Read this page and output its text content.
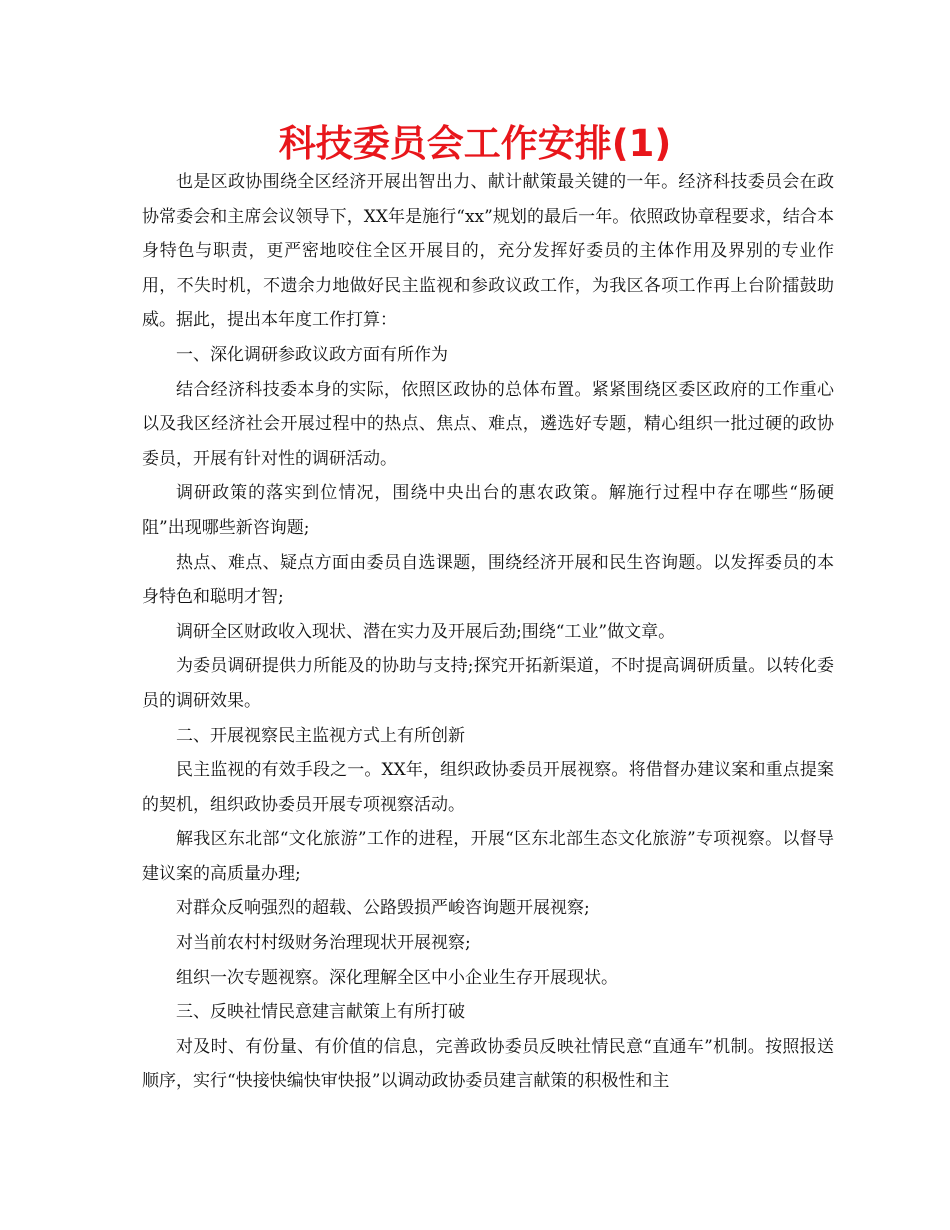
科技委员会工作安排(1)

也是区政协围绕全区经济开展出智出力、献计献策最关键的一年。经济科技委员会在政协常委会和主席会议领导下，XX年是施行“xx”规划的最后一年。依照政协章程要求，结合本身特色与职责，更严密地咬住全区开展目的，充分发挥好委员的主体作用及界别的专业作用，不失时机，不遗余力地做好民主监视和参政议政工作，为我区各项工作再上台阶擂鼓助威。据此，提出本年度工作打算：

一、深化调研参政议政方面有所作为

结合经济科技委本身的实际，依照区政协的总体布置。紧紧围绕区委区政府的工作重心以及我区经济社会开展过程中的热点、焦点、难点，遴选好专题，精心组织一批过硬的政协委员，开展有针对性的调研活动。

调研政策的落实到位情况，围绕中央出台的惠农政策。解施行过程中存在哪些“肠硬阻”出现哪些新咨询题;

热点、难点、疑点方面由委员自选课题，围绕经济开展和民生咨询题。以发挥委员的本身特色和聪明才智;

调研全区财政收入现状、潜在实力及开展后劲;围绕“工业”做文章。

为委员调研提供力所能及的协助与支持;探究开拓新渠道，不时提高调研质量。以转化委员的调研效果。

二、开展视察民主监视方式上有所创新

民主监视的有效手段之一。XX年，组织政协委员开展视察。将借督办建议案和重点提案的契机，组织政协委员开展专项视察活动。

解我区东北部“文化旅游”工作的进程，开展“区东北部生态文化旅游”专项视察。以督导建议案的高质量办理;

对群众反响强烈的超载、公路毁损严峻咨询题开展视察;

对当前农村村级财务治理现状开展视察;

组织一次专题视察。深化理解全区中小企业生存开展现状。

三、反映社情民意建言献策上有所打破

对及时、有份量、有价值的信息，完善政协委员反映社情民意“直通车”机制。按照报送顺序，实行“快接快编快审快报”以调动政协委员建言献策的积极性和主
